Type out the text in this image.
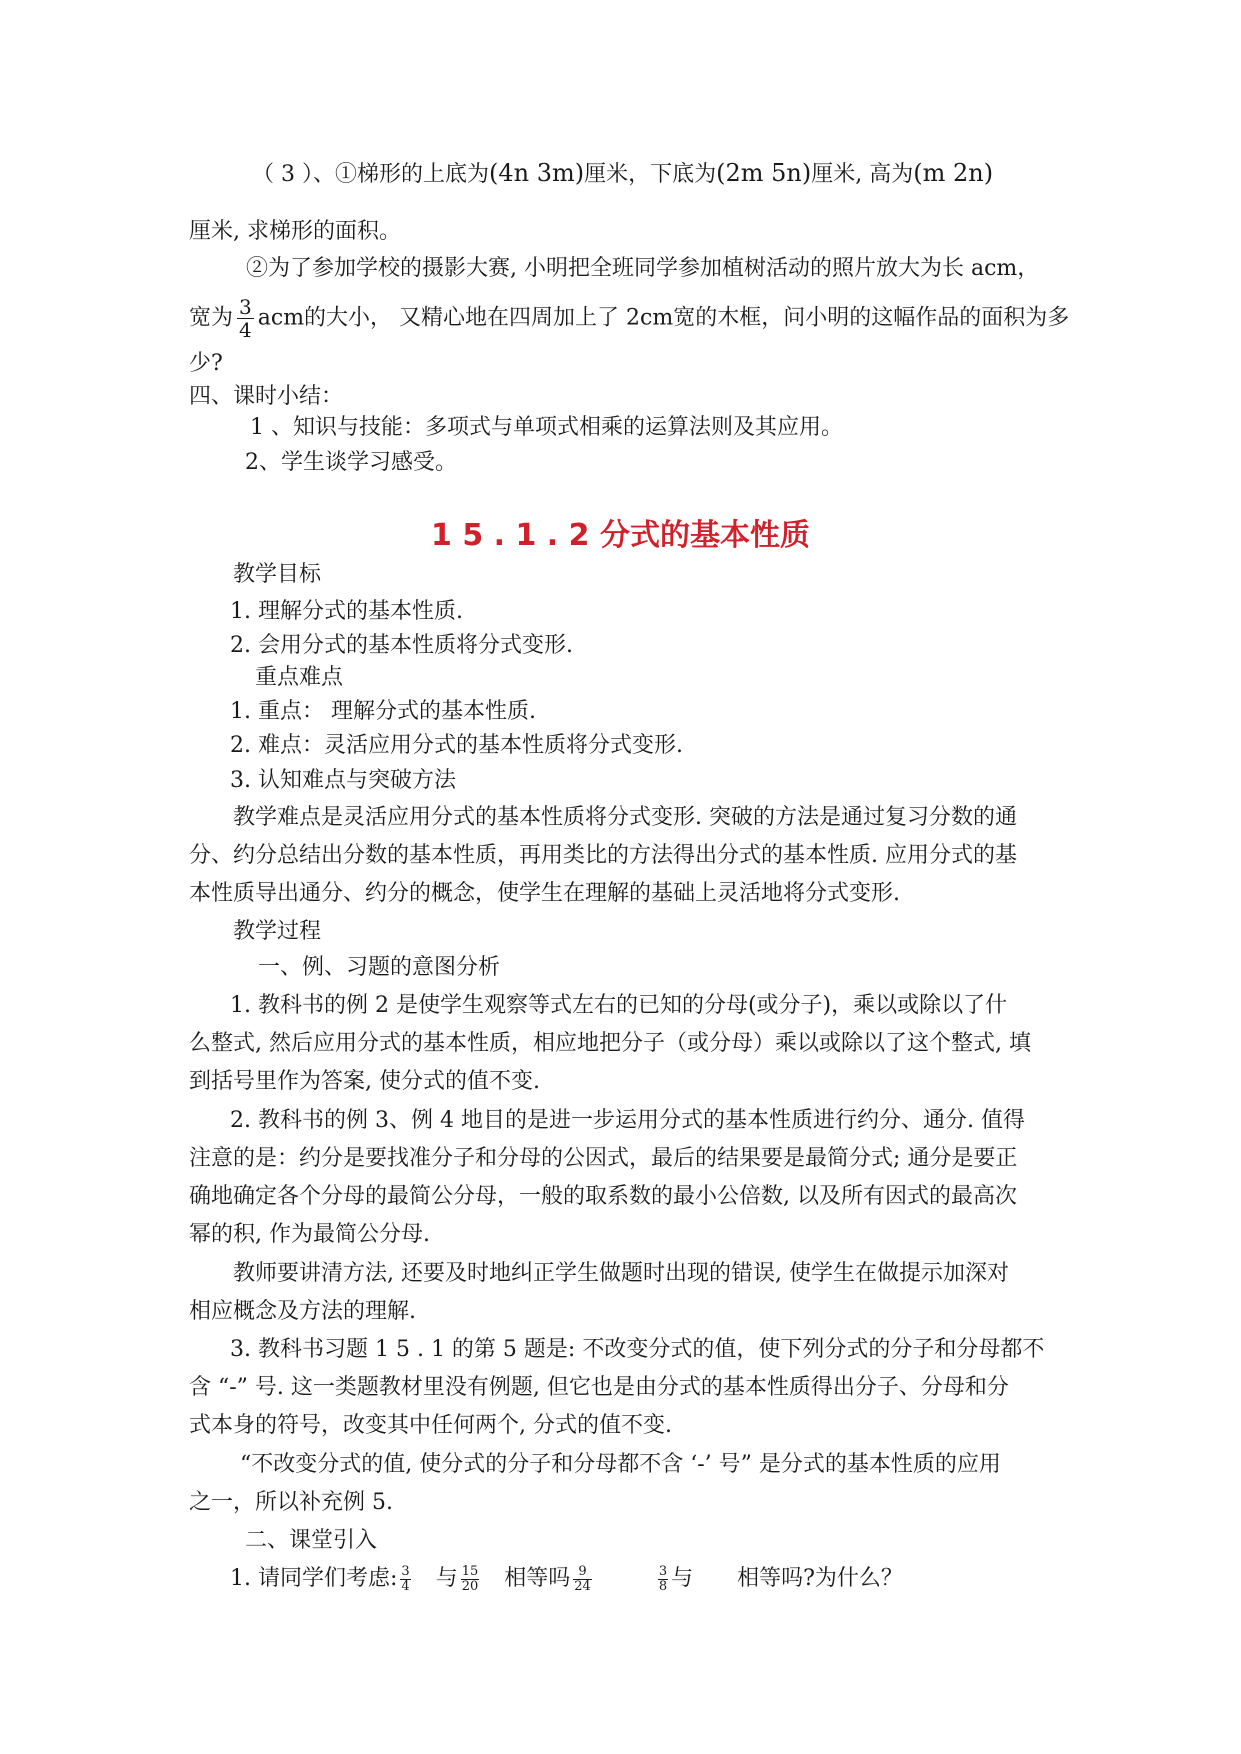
（ 3 ）、①梯形的上底为(4n 3m)厘米，下底为(2m 5n)厘米, 高为(m 2n)
厘米, 求梯形的面积。
②为了参加学校的摄影大赛, 小明把全班同学参加植树活动的照片放大为长 acm，
宽为 $\frac{3}{4}$ acm的大小， 又精心地在四周加上了 2cm宽的木框，问小明的这幅作品的面积为多
少?
四、课时小结：
1 、知识与技能：多项式与单项式相乘的运算法则及其应用。
2、学生谈学习感受。
1 5 . 1 . 2 分式的基本性质
教学目标
1. 理解分式的基本性质.
2. 会用分式的基本性质将分式变形.
重点难点
1. 重点： 理解分式的基本性质.
2. 难点：灵活应用分式的基本性质将分式变形.
3. 认知难点与突破方法
教学难点是灵活应用分式的基本性质将分式变形. 突破的方法是通过复习分数的通
分、约分总结出分数的基本性质，再用类比的方法得出分式的基本性质. 应用分式的基
本性质导出通分、约分的概念，使学生在理解的基础上灵活地将分式变形.
教学过程
一、例、习题的意图分析
1. 教科书的例 2 是使学生观察等式左右的已知的分母(或分子)，乘以或除以了什
么整式, 然后应用分式的基本性质，相应地把分子（或分母）乘以或除以了这个整式, 填
到括号里作为答案, 使分式的值不变.
2. 教科书的例 3、例 4 地目的是进一步运用分式的基本性质进行约分、通分. 值得
注意的是：约分是要找准分子和分母的公因式，最后的结果要是最简分式; 通分是要正
确地确定各个分母的最简公分母，一般的取系数的最小公倍数, 以及所有因式的最高次
幂的积, 作为最简公分母.
教师要讲清方法, 还要及时地纠正学生做题时出现的错误, 使学生在做提示加深对
相应概念及方法的理解.
3. 教科书习题 1 5 . 1 的第 5 题是: 不改变分式的值，使下列分式的分子和分母都不
含 “-” 号. 这一类题教材里没有例题, 但它也是由分式的基本性质得出分子、分母和分
式本身的符号，改变其中任何两个, 分式的值不变.
“不改变分式的值, 使分式的分子和分母都不含 ‘-’ 号” 是分式的基本性质的应用
之一，所以补充例 5.
二、课堂引入
1. 请同学们考虑: $\frac{3}{4}$ 与 $\frac{15}{20}$ 相等吗 $\frac{9}{24}$	$\frac{3}{8}$ 与 相等吗?为什么？
